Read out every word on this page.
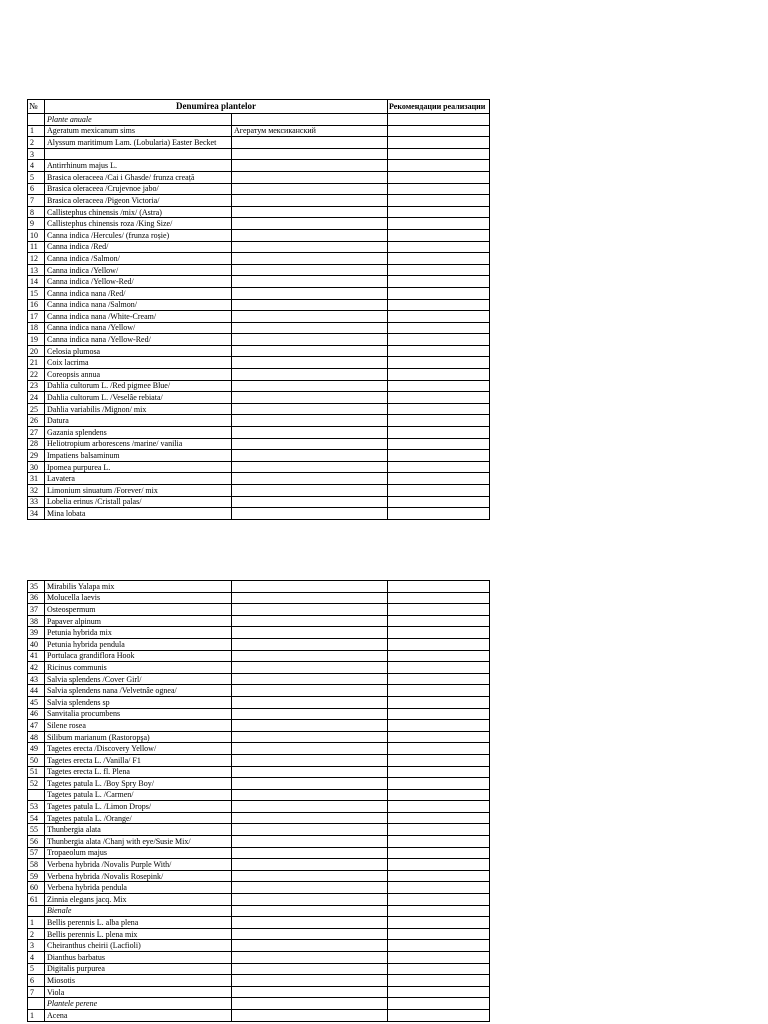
№	Denumirea plantelor		Рекомендации реализации
	Plante anuale		
1	Ageratum mexicanum sims	Агератум мексиканский	
2	Alyssum maritimum Lam. (Lobularia) Easter Becket		
3			
4	Antirrhinum majus L.		
5	Brasica oleraceea /Cai i Ghasde/ frunza creață		
6	Brasica oleraceea /Crujevnoe jabo/		
7	Brasica oleraceea /Pigeon Victoria/		
8	Callistephus chinensis /mix/ (Astra)		
9	Callistephus chinensis roza /King Size/		
10	Canna indica /Hercules/ (frunza roșie)		
11	Canna indica /Red/		
12	Canna indica /Salmon/		
13	Canna indica /Yellow/		
14	Canna indica /Yellow-Red/		
15	Canna indica nana /Red/		
16	Canna indica nana /Salmon/		
17	Canna indica nana /White-Cream/		
18	Canna indica nana /Yellow/		
19	Canna indica nana /Yellow-Red/		
20	Celosia plumosa		
21	Coix lacrima		
22	Coreopsis annua		
23	Dahlia cultorum L. /Red pigmee Blue/		
24	Dahlia cultorum L. /Veselâe rebiata/		
25	Dahlia variabilis /Mignon/ mix		
26	Datura		
27	Gazania splendens		
28	Heliotropium arborescens /marine/ vanilia		
29	Impatiens balsaminum		
30	Ipomea purpurea L.		
31	Lavatera		
32	Limonium sinuatum /Forever/ mix		
33	Lobelia erinus /Cristall palas/		
34	Mina lobata		
35	Mirabilis Yalapa mix		
36	Molucella laevis		
37	Osteospermum		
38	Papaver alpinum		
39	Petunia hybrida mix		
40	Petunia hybrida pendula		
41	Portulaca grandiflora Hook		
42	Ricinus communis		
43	Salvia splendens /Cover Girl/		
44	Salvia splendens nana /Velvetnâe ognea/		
45	Salvia splendens sp		
46	Sanvitalia procumbens		
47	Silene rosea		
48	Silibum marianum (Rastoropşa)		
49	Tagetes erecta /Discovery Yellow/		
50	Tagetes erecta L. /Vanilla/ F1		
51	Tagetes erecta L. fl. Plena		
52	Tagetes patula L. /Boy Spry Boy/		
	Tagetes patula L. /Carmen/		
53	Tagetes patula L. /Limon Drops/		
54	Tagetes patula L. /Orange/		
55	Thunbergia alata		
56	Thunbergia alata /Chanj with eye/Susie Mix/		
57	Tropaeolum majus		
58	Verbena hybrida /Novalis Purple With/		
59	Verbena hybrida /Novalis Rosepink/		
60	Verbena hybrida pendula		
61	Zinnia elegans jacq. Mix		
	Bienale		
1	Bellis perennis L. alba plena		
2	Bellis perennis L. plena mix		
3	Cheiranthus cheirii (Lacfioli)		
4	Dianthus barbatus		
5	Digitalis purpurea		
6	Miosotis		
7	Viola		
	Plantele perene		
1	Acena		
